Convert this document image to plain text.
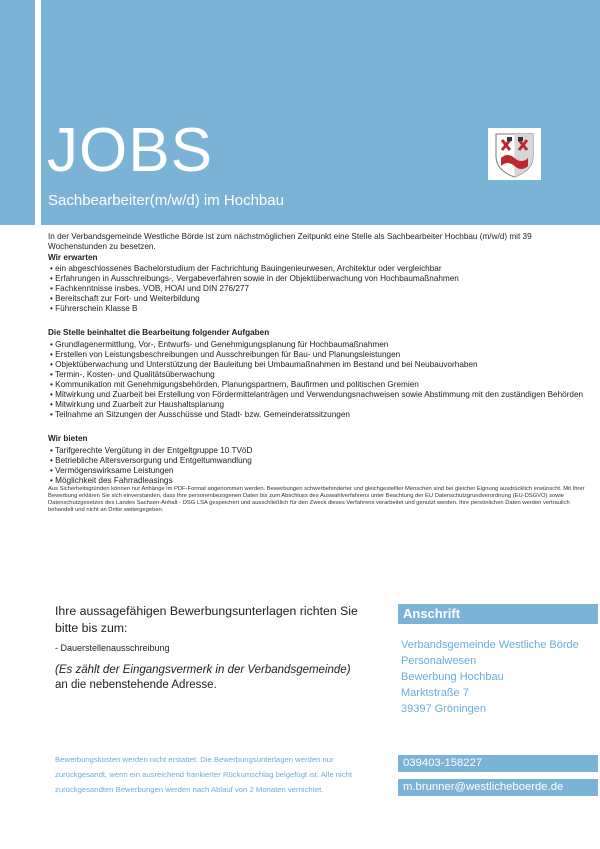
JOBS

Sachbearbeiter(m/w/d) im Hochbau

In der Verbandsgemeinde Westliche Börde ist zum nächstmöglichen Zeitpunkt eine Stelle als Sachbearbeiter Hochbau (m/w/d) mit 39 Wochenstunden zu besetzen.

Wir erwarten
• ein abgeschlossenes Bachelorstudium der Fachrichtung Bauingenieurwesen, Architektur oder vergleichbar
• Erfahrungen in Ausschreibungs-, Vergabeverfahren sowie in der Objektüberwachung von Hochbaumaßnahmen
• Fachkenntnisse insbes. VOB, HOAI und DIN 276/277
• Bereitschaft zur Fort- und Weiterbildung
• Führerschein Klasse B
Die Stelle beinhaltet die Bearbeitung folgender Aufgaben
• Grundlagenermittlung, Vor-, Entwurfs- und Genehmigungsplanung für Hochbaumaßnahmen
• Erstellen von Leistungsbeschreibungen und Ausschreibungen für Bau- und Planungsleistungen
• Objektüberwachung und Unterstützung der Bauleitung bei Umbaumaßnahmen im Bestand und bei Neubauvorhaben
• Termin-, Kosten- und Qualitätsüberwachung
• Kommunikation mit Genehmigungsbehörden, Planungspartnern, Baufirmen und politischen Gremien
• Mitwirkung und Zuarbeit bei Erstellung von Fördermittelanträgen und Verwendungsnachweisen sowie Abstimmung mit den zuständigen Behörden
• Mitwirkung und Zuarbeit zur Haushaltsplanung
• Teilnahme an Sitzungen der Ausschüsse und Stadt- bzw. Gemeinderatssitzungen
Wir bieten
• Tarifgerechte Vergütung in der Entgeltgruppe 10 TVöD
• Betriebliche Altersversorgung und Entgeltumwandlung
• Vermögenswirksame Leistungen
• Möglichkeit des Fahrradleasings

Aus Sicherheitsgründen können nur Anhänge im PDF-Format angenommen werden. Bewerbungen schwerbehinderter und gleichgestellter Menschen sind bei gleicher Eignung ausdrücklich erwünscht. Mit Ihrer Bewerbung erklären Sie sich einverstanden, dass Ihre personenbezogenen Daten bis zum Abschluss des Auswahlverfahrens unter Beachtung der EU Datenschutzgrundverordnung (EU-DSGVO) sowie Datenschutzgesetzes des Landes Sachsen-Anhalt - DSG LSA gespeichert und ausschließlich für den Zweck dieses Verfahrens verarbeitet und genutzt werden. Ihre persönlichen Daten werden vertraulich behandelt und nicht an Dritte weitergegeben.

Ihre aussagefähigen Bewerbungsunterlagen richten Sie bitte bis zum:

- Dauerstellenausschreibung

(Es zählt der Eingangsvermerk in der Verbandsgemeinde)

an die nebenstehende Adresse.

Bewerbungskosten werden nicht erstattet. Die Bewerbungsunterlagen werden nur zurückgesandt, wenn ein ausreichend frankierter Rückumschlag beigefügt ist. Alle nicht zurückgesandten Bewerbungen werden nach Ablauf von 2 Monaten vernichtet.

Anschrift
Verbandsgemeinde Westliche Börde
Personalwesen
Bewerbung Hochbau
Marktstraße 7
39397 Gröningen
039403-158227
m.brunner@westlicheboerde.de
